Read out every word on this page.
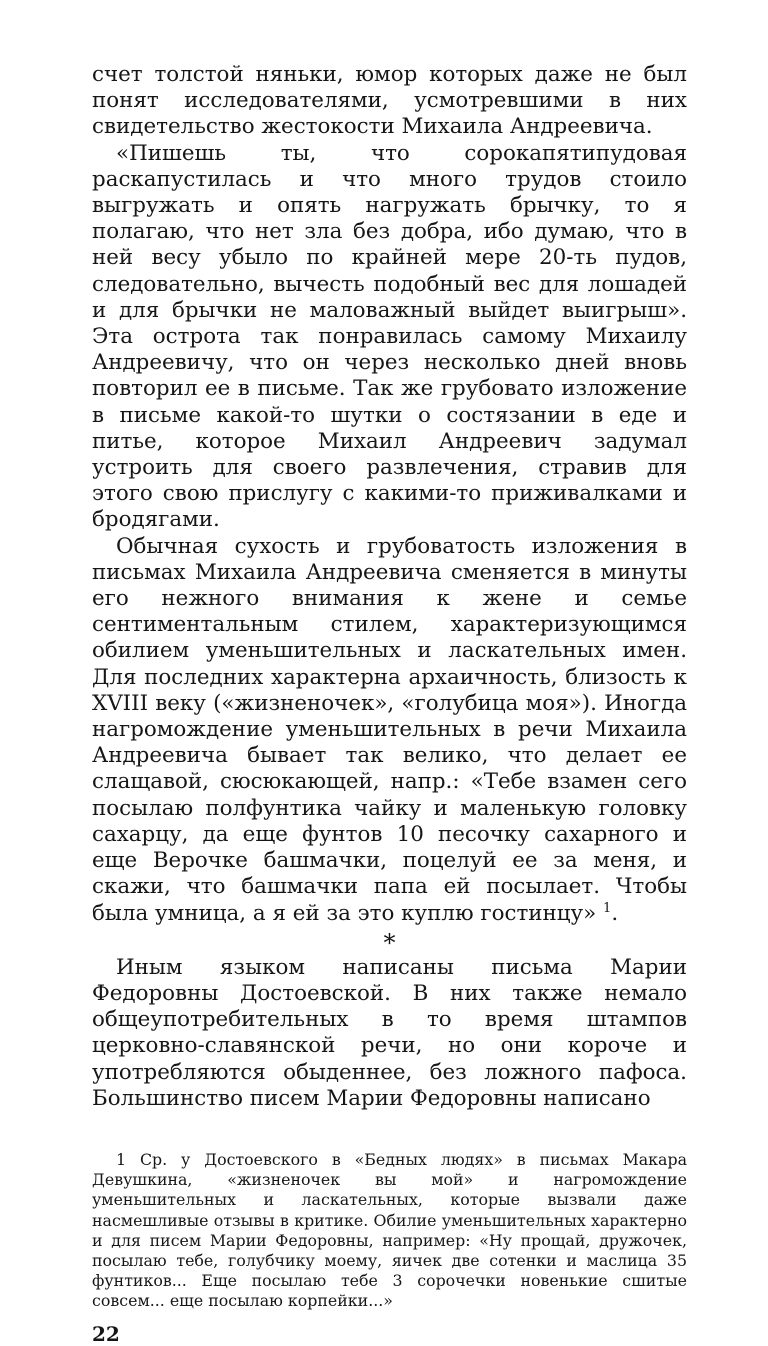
счет толстой няньки, юмор которых даже не был понят исследователями, усмотревшими в них свидетельство жестокости Михаила Андреевича.

«Пишешь ты, что сорокапятипудовая раскапустилась и что много трудов стоило выгружать и опять нагружать брычку, то я полагаю, что нет зла без добра, ибо думаю, что в ней весу убыло по крайней мере 20-ть пудов, следовательно, вычесть подобный вес для лошадей и для брычки не маловажный выйдет выигрыш». Эта острота так понравилась самому Михаилу Андреевичу, что он через несколько дней вновь повторил ее в письме. Так же грубовато изложение в письме какой-то шутки о состязании в еде и питье, которое Михаил Андреевич задумал устроить для своего развлечения, стравив для этого свою прислугу с какими-то приживалками и бродягами.

Обычная сухость и грубоватость изложения в письмах Михаила Андреевича сменяется в минуты его нежного внимания к жене и семье сентиментальным стилем, характеризующимся обилием уменьшительных и ласкательных имен. Для последних характерна архаичность, близость к XVIII веку («жизненочек», «голубица моя»). Иногда нагромождение уменьшительных в речи Михаила Андреевича бывает так велико, что делает ее слащавой, сюсюкающей, напр.: «Тебе взамен сего посылаю полфунтика чайку и маленькую головку сахарцу, да еще фунтов 10 песочку сахарного и еще Верочке башмачки, поцелуй ее за меня, и скажи, что башмачки папа ей посылает. Чтобы была умница, а я ей за это куплю гостинцу» $^1$.

*

Иным языком написаны письма Марии Федоровны Достоевской. В них также немало общеупотребительных в то время штампов церковно-славянской речи, но они короче и употребляются обыденнее, без ложного пафоса. Большинство писем Марии Федоровны написано

1 Ср. у Достоевского в «Бедных людях» в письмах Макара Девушкина, «жизненочек вы мой» и нагромождение уменьшительных и ласкательных, которые вызвали даже насмешливые отзывы в критике. Обилие уменьшительных характерно и для писем Марии Федоровны, например: «Ну прощай, дружочек, посылаю тебе, голубчику моему, яичек две сотенки и маслица 35 фунтиков... Еще посылаю тебе 3 сорочечки новенькие сшитые совсем... еще посылаю корпейки...»

22
